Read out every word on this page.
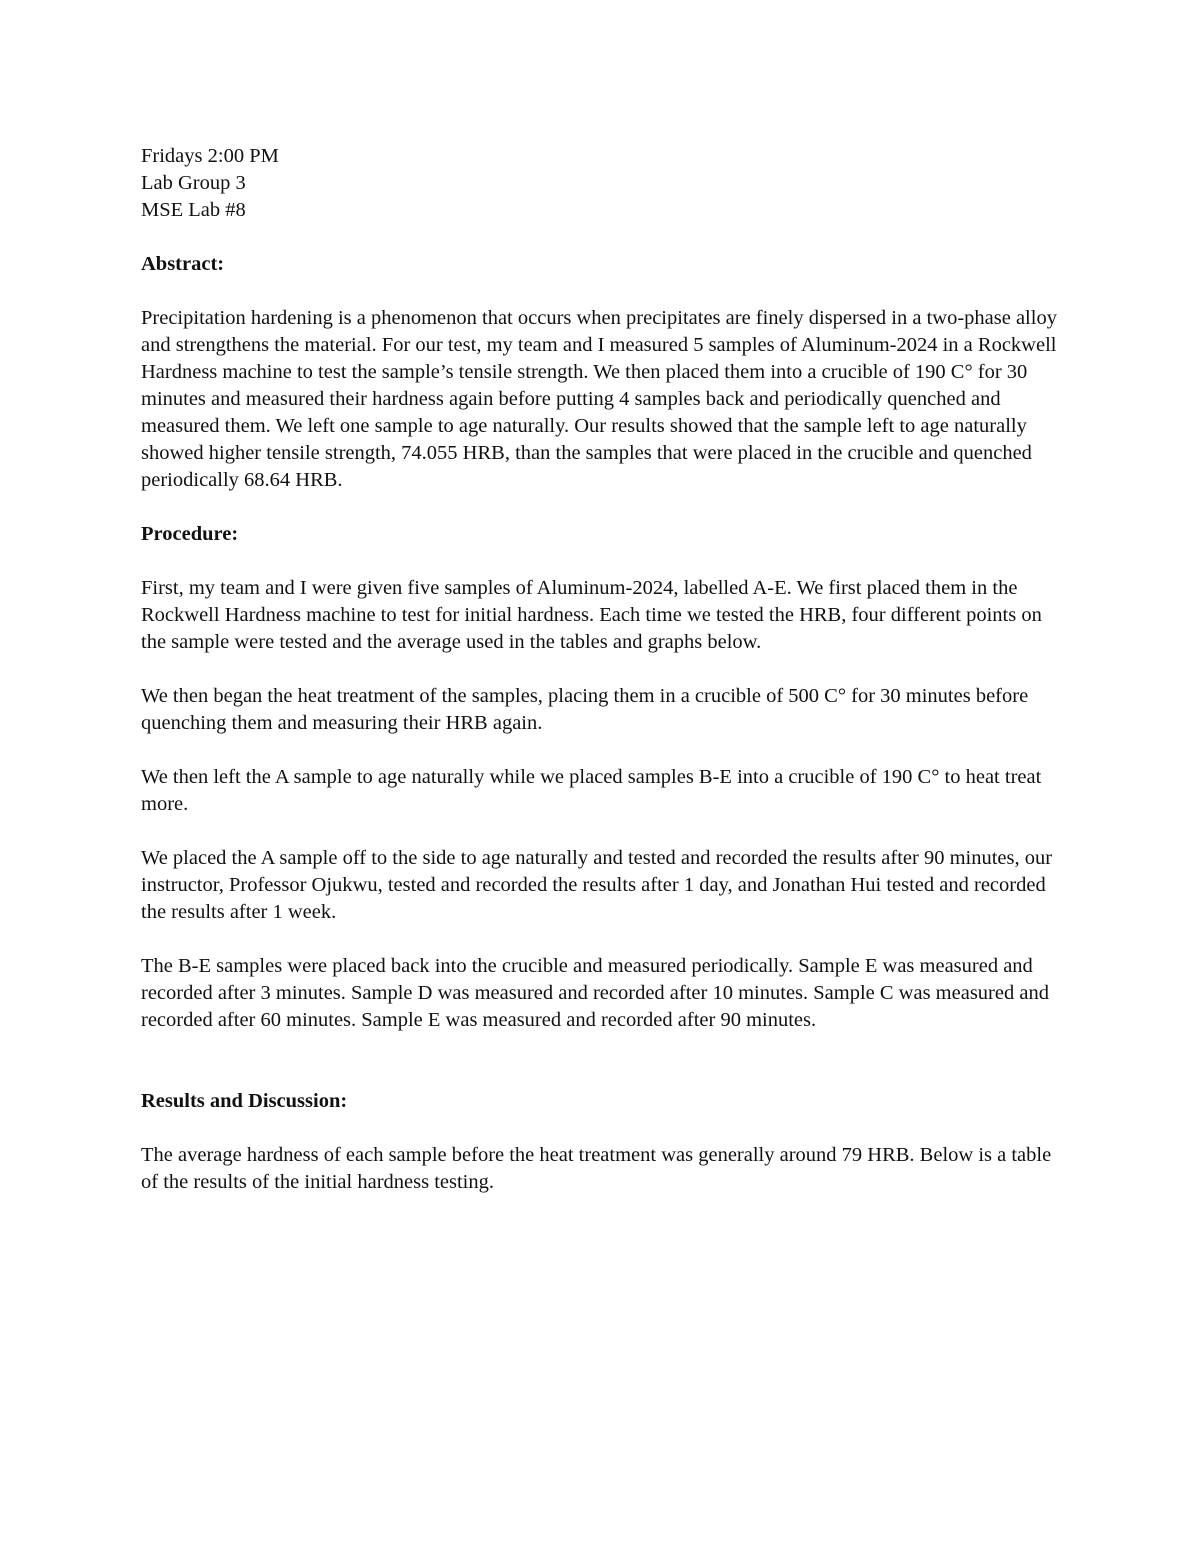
Fridays 2:00 PM

Lab Group 3

MSE Lab #8

Abstract:

Precipitation hardening is a phenomenon that occurs when precipitates are finely dispersed in a two-phase alloy and strengthens the material. For our test, my team and I measured 5 samples of Aluminum-2024 in a Rockwell Hardness machine to test the sample’s tensile strength. We then placed them into a crucible of 190 C° for 30 minutes and measured their hardness again before putting 4 samples back and periodically quenched and measured them. We left one sample to age naturally. Our results showed that the sample left to age naturally showed higher tensile strength, 74.055 HRB, than the samples that were placed in the crucible and quenched periodically 68.64 HRB.

Procedure:

First, my team and I were given five samples of Aluminum-2024, labelled A-E. We first placed them in the Rockwell Hardness machine to test for initial hardness. Each time we tested the HRB, four different points on the sample were tested and the average used in the tables and graphs below.

We then began the heat treatment of the samples, placing them in a crucible of 500 C° for 30 minutes before quenching them and measuring their HRB again.

We then left the A sample to age naturally while we placed samples B-E into a crucible of 190 C° to heat treat more.

We placed the A sample off to the side to age naturally and tested and recorded the results after 90 minutes, our instructor, Professor Ojukwu, tested and recorded the results after 1 day, and Jonathan Hui tested and recorded the results after 1 week.

The B-E samples were placed back into the crucible and measured periodically. Sample E was measured and recorded after 3 minutes. Sample D was measured and recorded after 10 minutes. Sample C was measured and recorded after 60 minutes. Sample E was measured and recorded after 90 minutes.

Results and Discussion:

The average hardness of each sample before the heat treatment was generally around 79 HRB. Below is a table of the results of the initial hardness testing.
